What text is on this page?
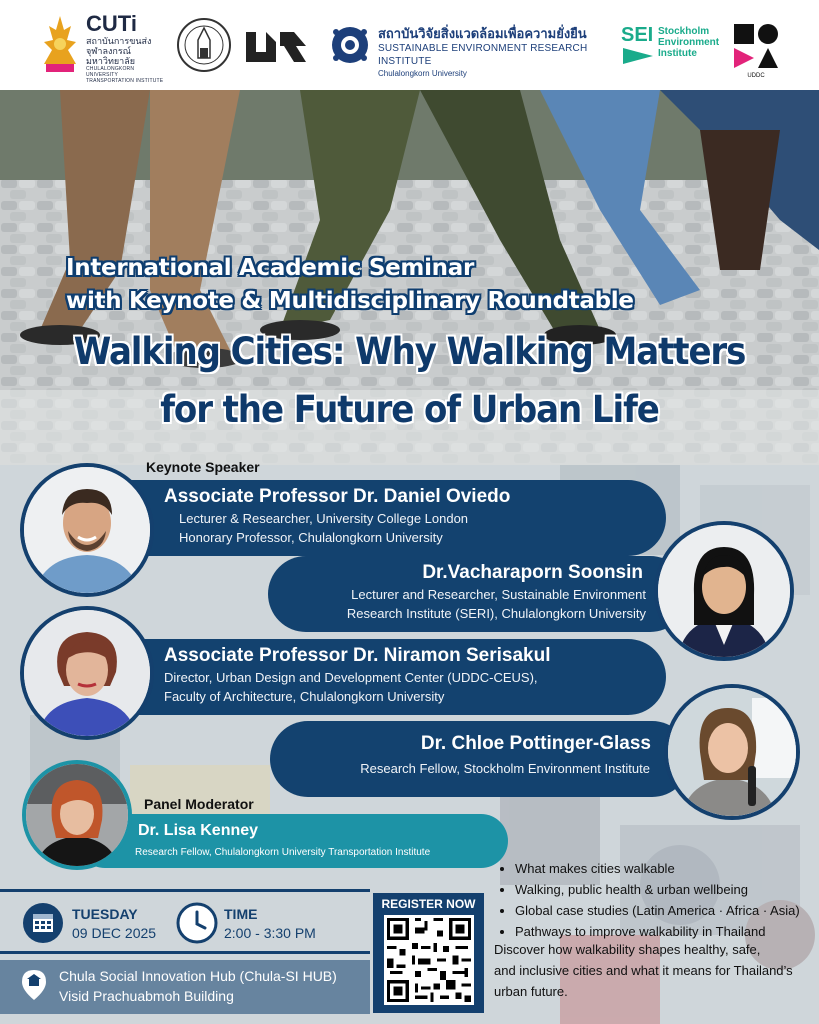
CUTi
สถาบันการขนส่ง จุฬาลงกรณ์มหาวิทยาลัย
CHULALONGKORN UNIVERSITY TRANSPORTATION INSTITUTE
สถาบันวิจัยสิ่งแวดล้อมเพื่อความยั่งยืน
SUSTAINABLE ENVIRONMENT RESEARCH INSTITUTE
Chulalongkorn University
SEI Stockholm
Environment
Institute
UDDC
International Academic Seminar
with Keynote & Multidisciplinary Roundtable
Walking Cities: Why Walking Matters
for the Future of Urban Life
Keynote Speaker
Associate Professor Dr. Daniel Oviedo
Lecturer & Researcher, University College London
Honorary Professor, Chulalongkorn University
Dr.Vacharaporn Soonsin
Lecturer and Researcher, Sustainable Environment
Research Institute (SERI), Chulalongkorn University
Associate Professor Dr. Niramon Serisakul
Director, Urban Design and Development Center (UDDC-CEUS),
Faculty of Architecture, Chulalongkorn University
Dr. Chloe Pottinger-Glass
Research Fellow, Stockholm Environment Institute
Panel Moderator
Dr. Lisa Kenney
Research Fellow, Chulalongkorn University Transportation Institute
TUESDAY
09 DEC 2025
TIME
2:00 - 3:30 PM
Chula Social Innovation Hub (Chula-SI HUB)
Visid Prachuabmoh Building
REGISTER NOW
• What makes cities walkable
• Walking, public health & urban wellbeing
• Global case studies (Latin America · Africa · Asia)
• Pathways to improve walkability in Thailand
Discover how walkability shapes healthy, safe,
and inclusive cities and what it means for Thailand’s
urban future.
